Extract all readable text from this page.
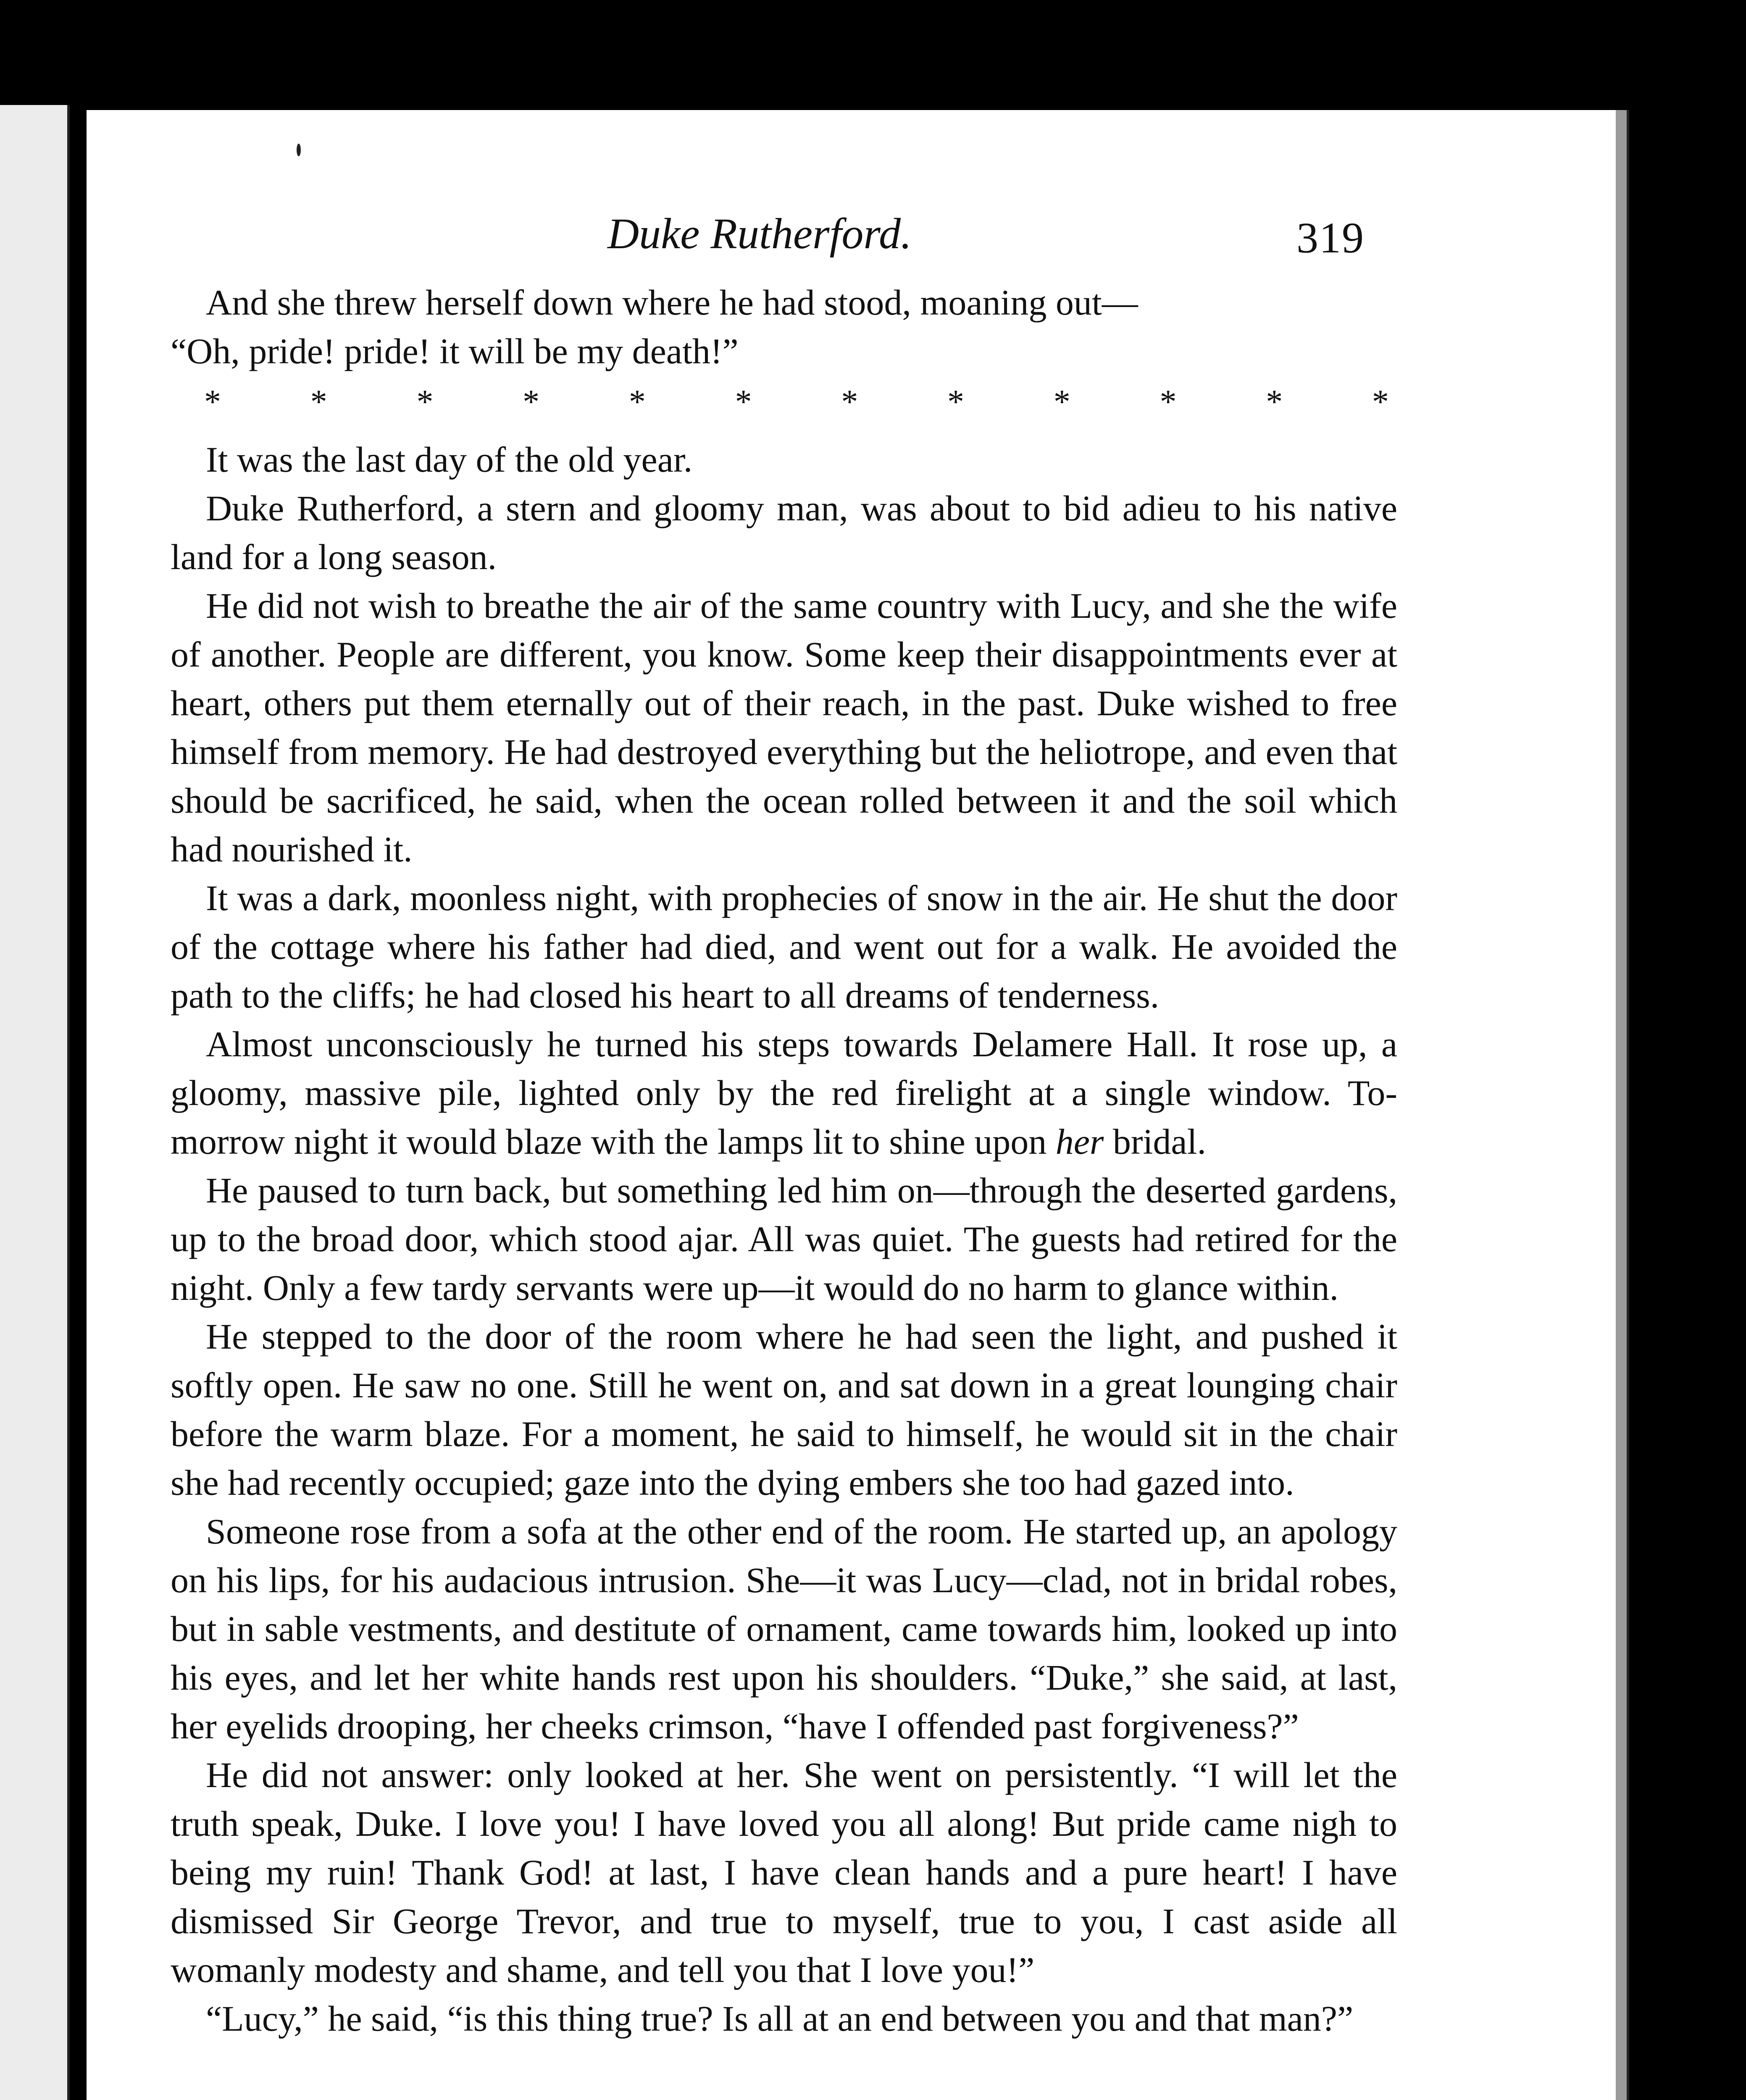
Duke Rutherford.	319

And she threw herself down where he had stood, moaning out—

“Oh, pride! pride! it will be my death!”

*	*	*	*	*	*	*	*	*	*	*	*

It was the last day of the old year.

Duke Rutherford, a stern and gloomy man, was about to bid adieu to his native land for a long season.

He did not wish to breathe the air of the same country with Lucy, and she the wife of another. People are different, you know. Some keep their disappointments ever at heart, others put them eternally out of their reach, in the past. Duke wished to free himself from memory. He had destroyed everything but the heliotrope, and even that should be sacrificed, he said, when the ocean rolled between it and the soil which had nourished it.

It was a dark, moonless night, with prophecies of snow in the air. He shut the door of the cottage where his father had died, and went out for a walk. He avoided the path to the cliffs; he had closed his heart to all dreams of tenderness.

Almost unconsciously he turned his steps towards Delamere Hall. It rose up, a gloomy, massive pile, lighted only by the red firelight at a single window. To-morrow night it would blaze with the lamps lit to shine upon her bridal.

He paused to turn back, but something led him on—through the deserted gardens, up to the broad door, which stood ajar. All was quiet. The guests had retired for the night. Only a few tardy servants were up—it would do no harm to glance within.

He stepped to the door of the room where he had seen the light, and pushed it softly open. He saw no one. Still he went on, and sat down in a great lounging chair before the warm blaze. For a moment, he said to himself, he would sit in the chair she had recently occupied; gaze into the dying embers she too had gazed into.

Someone rose from a sofa at the other end of the room. He started up, an apology on his lips, for his audacious intrusion. She—it was Lucy—clad, not in bridal robes, but in sable vestments, and destitute of ornament, came towards him, looked up into his eyes, and let her white hands rest upon his shoulders. “Duke,” she said, at last, her eyelids drooping, her cheeks crimson, “have I offended past forgiveness?”

He did not answer: only looked at her. She went on persistently. “I will let the truth speak, Duke. I love you! I have loved you all along! But pride came nigh to being my ruin! Thank God! at last, I have clean hands and a pure heart! I have dismissed Sir George Trevor, and true to myself, true to you, I cast aside all womanly modesty and shame, and tell you that I love you!”

“Lucy,” he said, “is this thing true? Is all at an end between you and that man?”
